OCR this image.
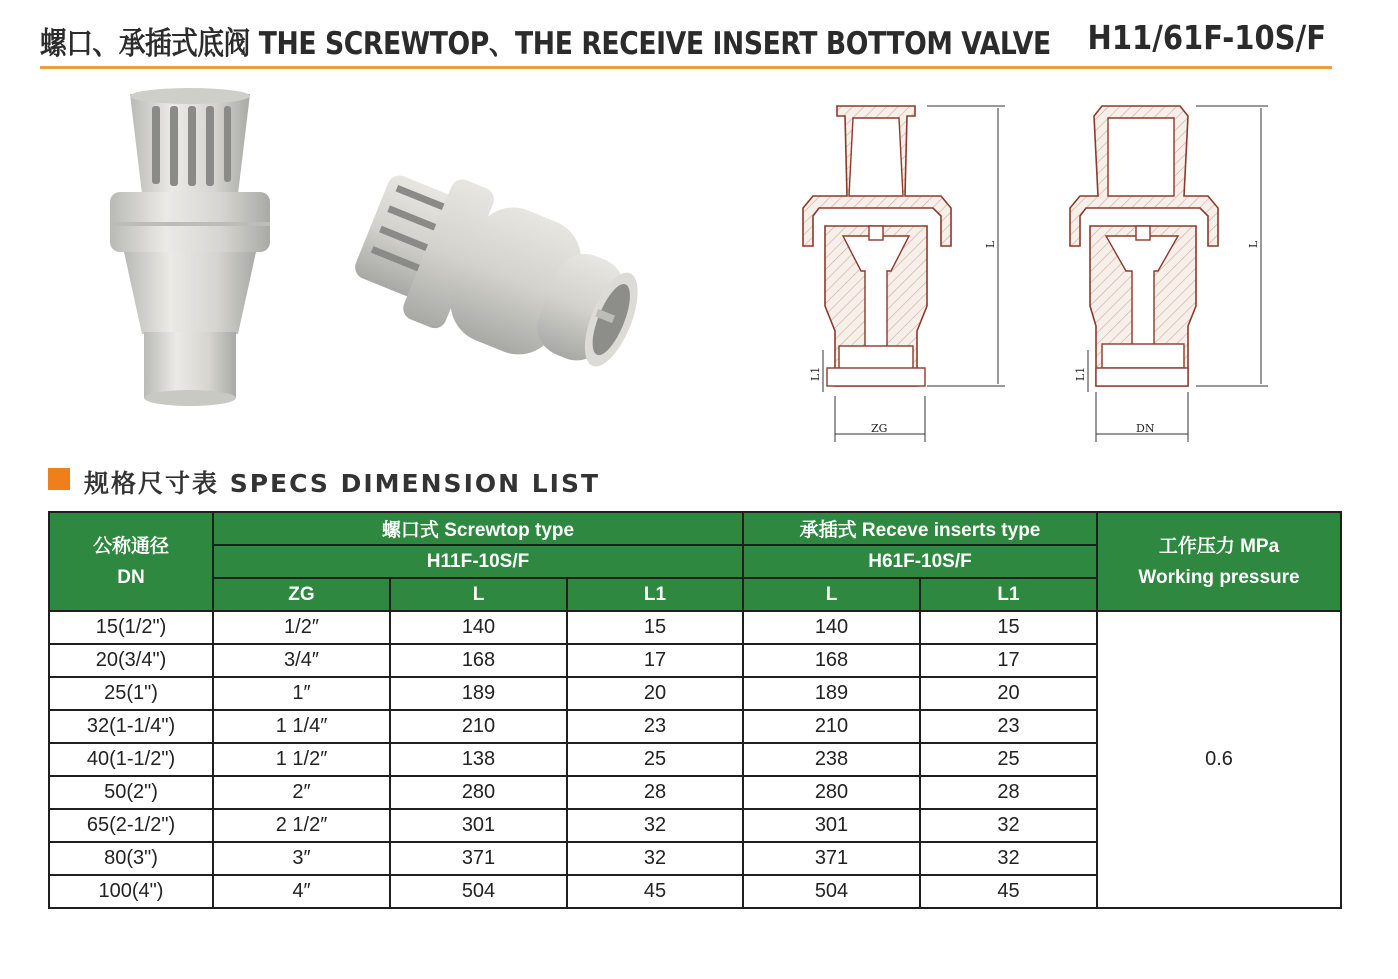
螺口、承插式底阀 THE SCREWTOP、THE RECEIVE INSERT BOTTOM VALVE H11/61F-10S/F
L
L1
ZG
L
L1
DN
规格尺寸表 SPECS DIMENSION LIST
公称通径
DN	螺口式 Screwtop type			承插式 Receve inserts type		工作压力 MPa
Working pressure

	H11F-10S/F			H61F-10S/F		
	ZG	L	L1	L	L1	
15(1/2")	1/2″	140	15	140	15	0.6
20(3/4")	3/4″	168	17	168	17	
25(1")	1″	189	20	189	20	
32(1-1/4")	1 1/4″	210	23	210	23	
40(1-1/2")	1 1/2″	138	25	238	25	
50(2")	2″	280	28	280	28	
65(2-1/2")	2 1/2″	301	32	301	32	
80(3")	3″	371	32	371	32	
100(4")	4″	504	45	504	45	
